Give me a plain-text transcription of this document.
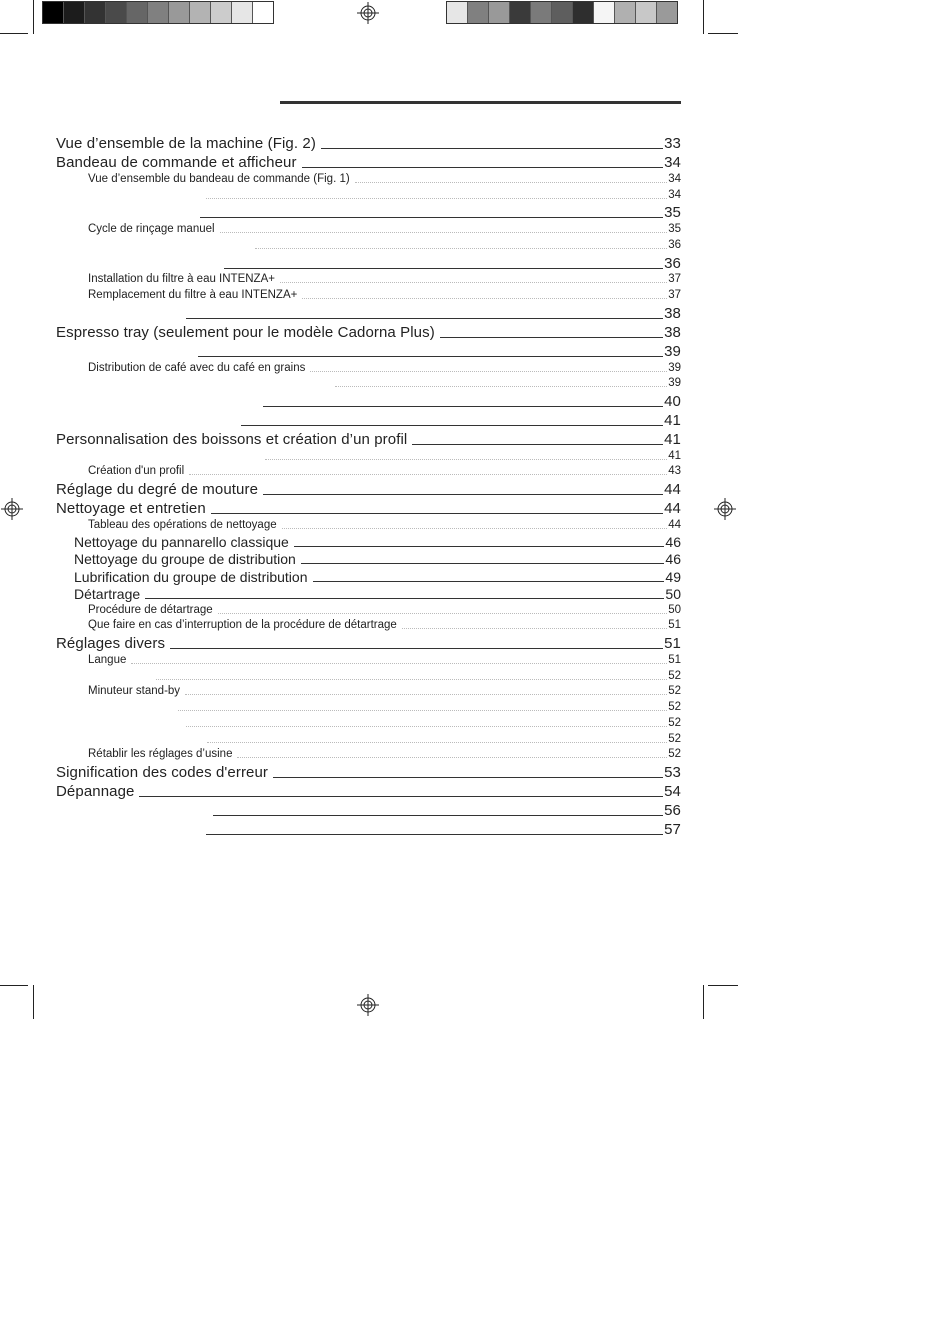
Vue d’ensemble de la machine (Fig. 2)	33
Bandeau de commande et afficheur	34
Vue d’ensemble du bandeau de commande (Fig. 1)	34
34
35
Cycle de rinçage manuel	35
36
36
Installation du filtre à eau INTENZA+	37
Remplacement du filtre à eau INTENZA+	37
38
Espresso tray (seulement pour le modèle Cadorna Plus)	38
39
Distribution de café avec du café en grains	39
39
40
41
Personnalisation des boissons et création d’un profil	41
41
Création d'un profil	43
Réglage du degré de mouture	44
Nettoyage et entretien	44
Tableau des opérations de nettoyage	44
Nettoyage du pannarello classique	46
Nettoyage du groupe de distribution	46
Lubrification du groupe de distribution	49
Détartrage	50
Procédure de détartrage	50
Que faire en cas d’interruption de la procédure de détartrage	51
Réglages divers	51
Langue	51
52
Minuteur stand-by	52
52
52
52
Rétablir les réglages d’usine	52
Signification des codes d'erreur	53
Dépannage	54
56
57
